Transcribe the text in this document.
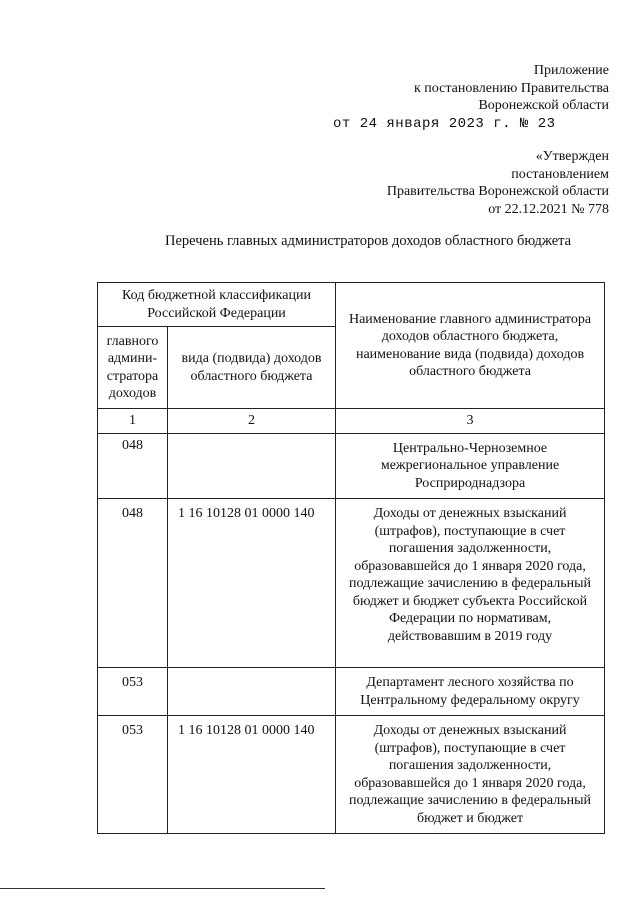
Приложение
к постановлению Правительства
Воронежской области
от 24 января 2023 г. № 23
«Утвержден
постановлением
Правительства Воронежской области
от 22.12.2021 № 778
Перечень главных администраторов доходов областного бюджета
Код бюджетной классификации Российской Федерации		Наименование главного администратора доходов областного бюджета, наименование вида (подвида) доходов областного бюджета
главного админи-стратора доходов	вида (подвида) доходов областного бюджета	
1	2	3
048		Центрально-Черноземное межрегиональное управление Росприроднадзора
048	1 16 10128 01 0000 140	Доходы от денежных взысканий (штрафов), поступающие в счет погашения задолженности, образовавшейся до 1 января 2020 года, подлежащие зачислению в федеральный бюджет и бюджет субъекта Российской Федерации по нормативам, действовавшим в 2019 году
053		Департамент лесного хозяйства по Центральному федеральному округу
053	1 16 10128 01 0000 140	Доходы от денежных взысканий (штрафов), поступающие в счет погашения задолженности, образовавшейся до 1 января 2020 года, подлежащие зачислению в федеральный бюджет и бюджет
